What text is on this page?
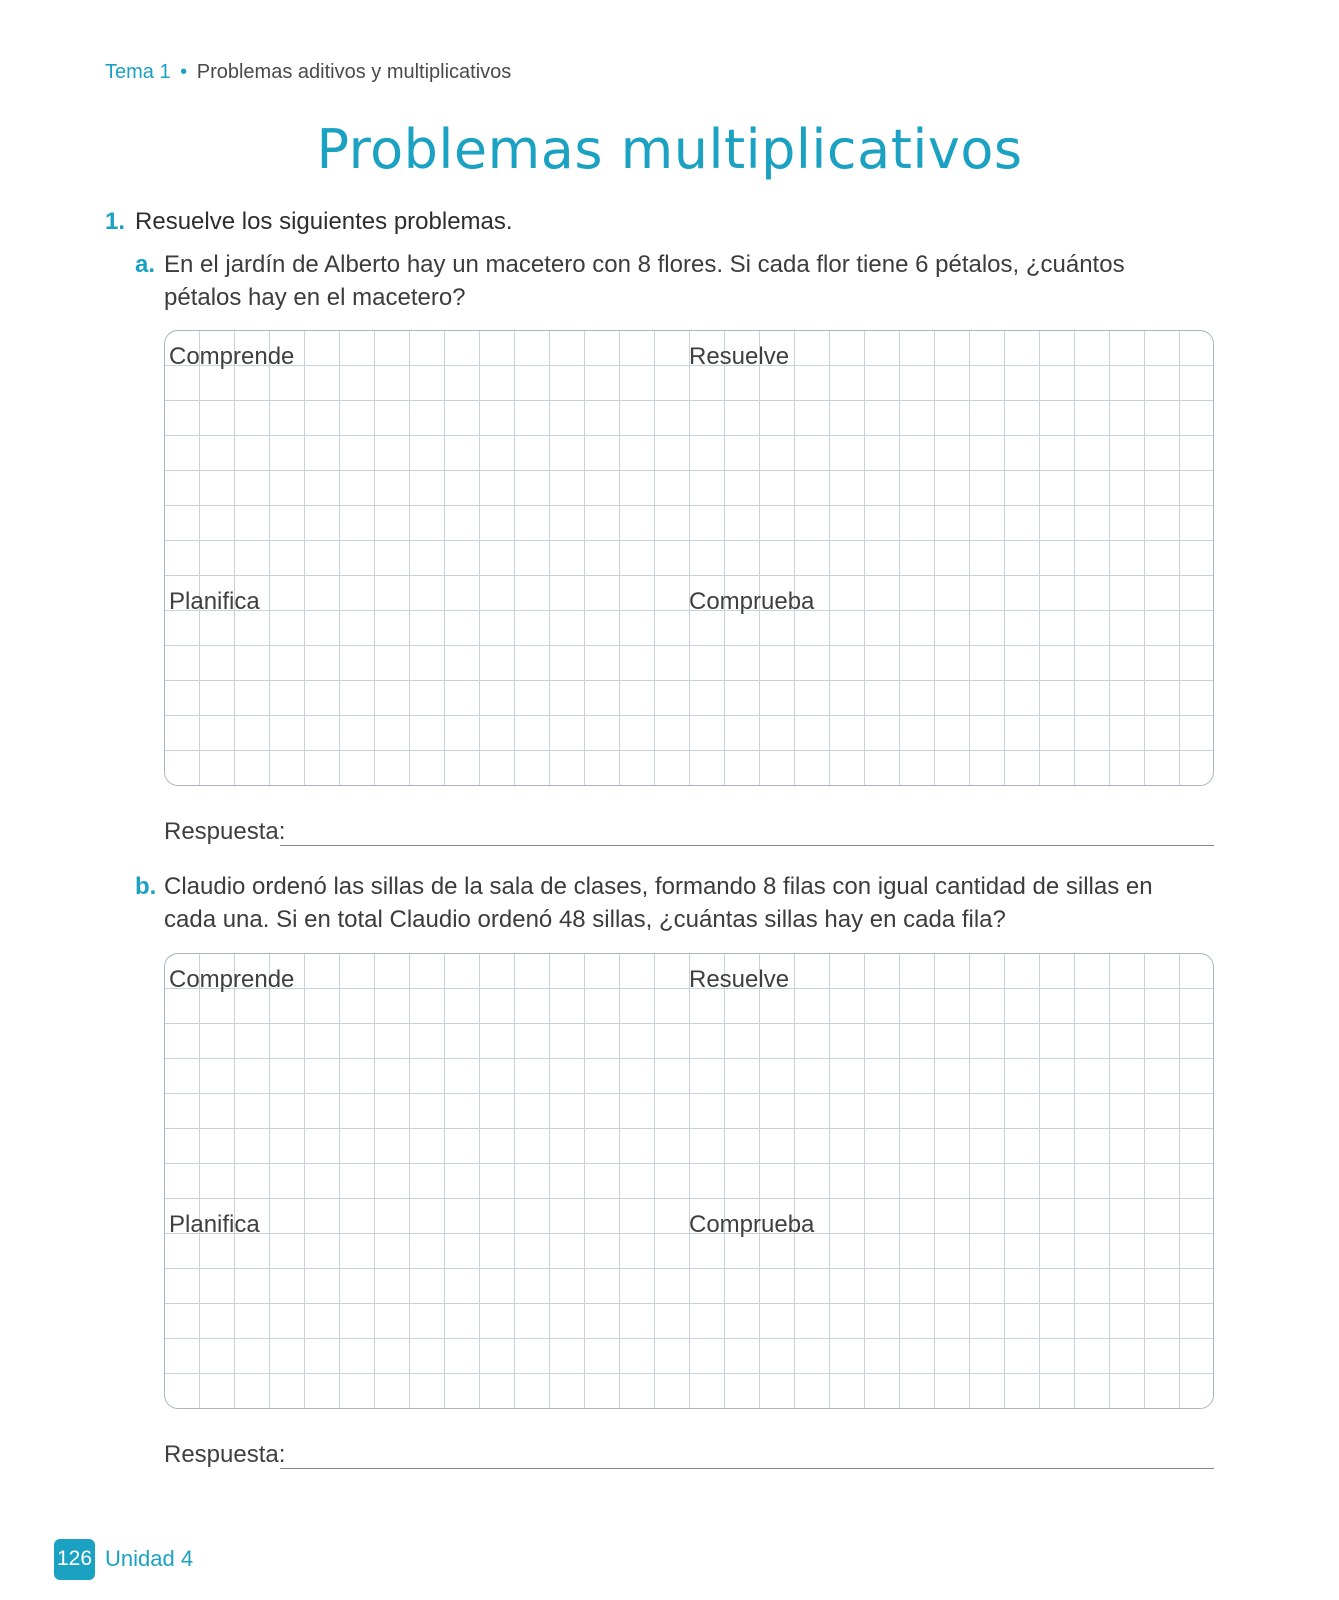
Tema 1 • Problemas aditivos y multiplicativos
Problemas multiplicativos
1. Resuelve los siguientes problemas.
a. En el jardín de Alberto hay un macetero con 8 flores. Si cada flor tiene 6 pétalos, ¿cuántos pétalos hay en el macetero?
Comprende	Resuelve
Planifica	Comprueba
Respuesta:
b. Claudio ordenó las sillas de la sala de clases, formando 8 filas con igual cantidad de sillas en cada una. Si en total Claudio ordenó 48 sillas, ¿cuántas sillas hay en cada fila?
Comprende	Resuelve
Planifica	Comprueba
Respuesta:
126 Unidad 4
